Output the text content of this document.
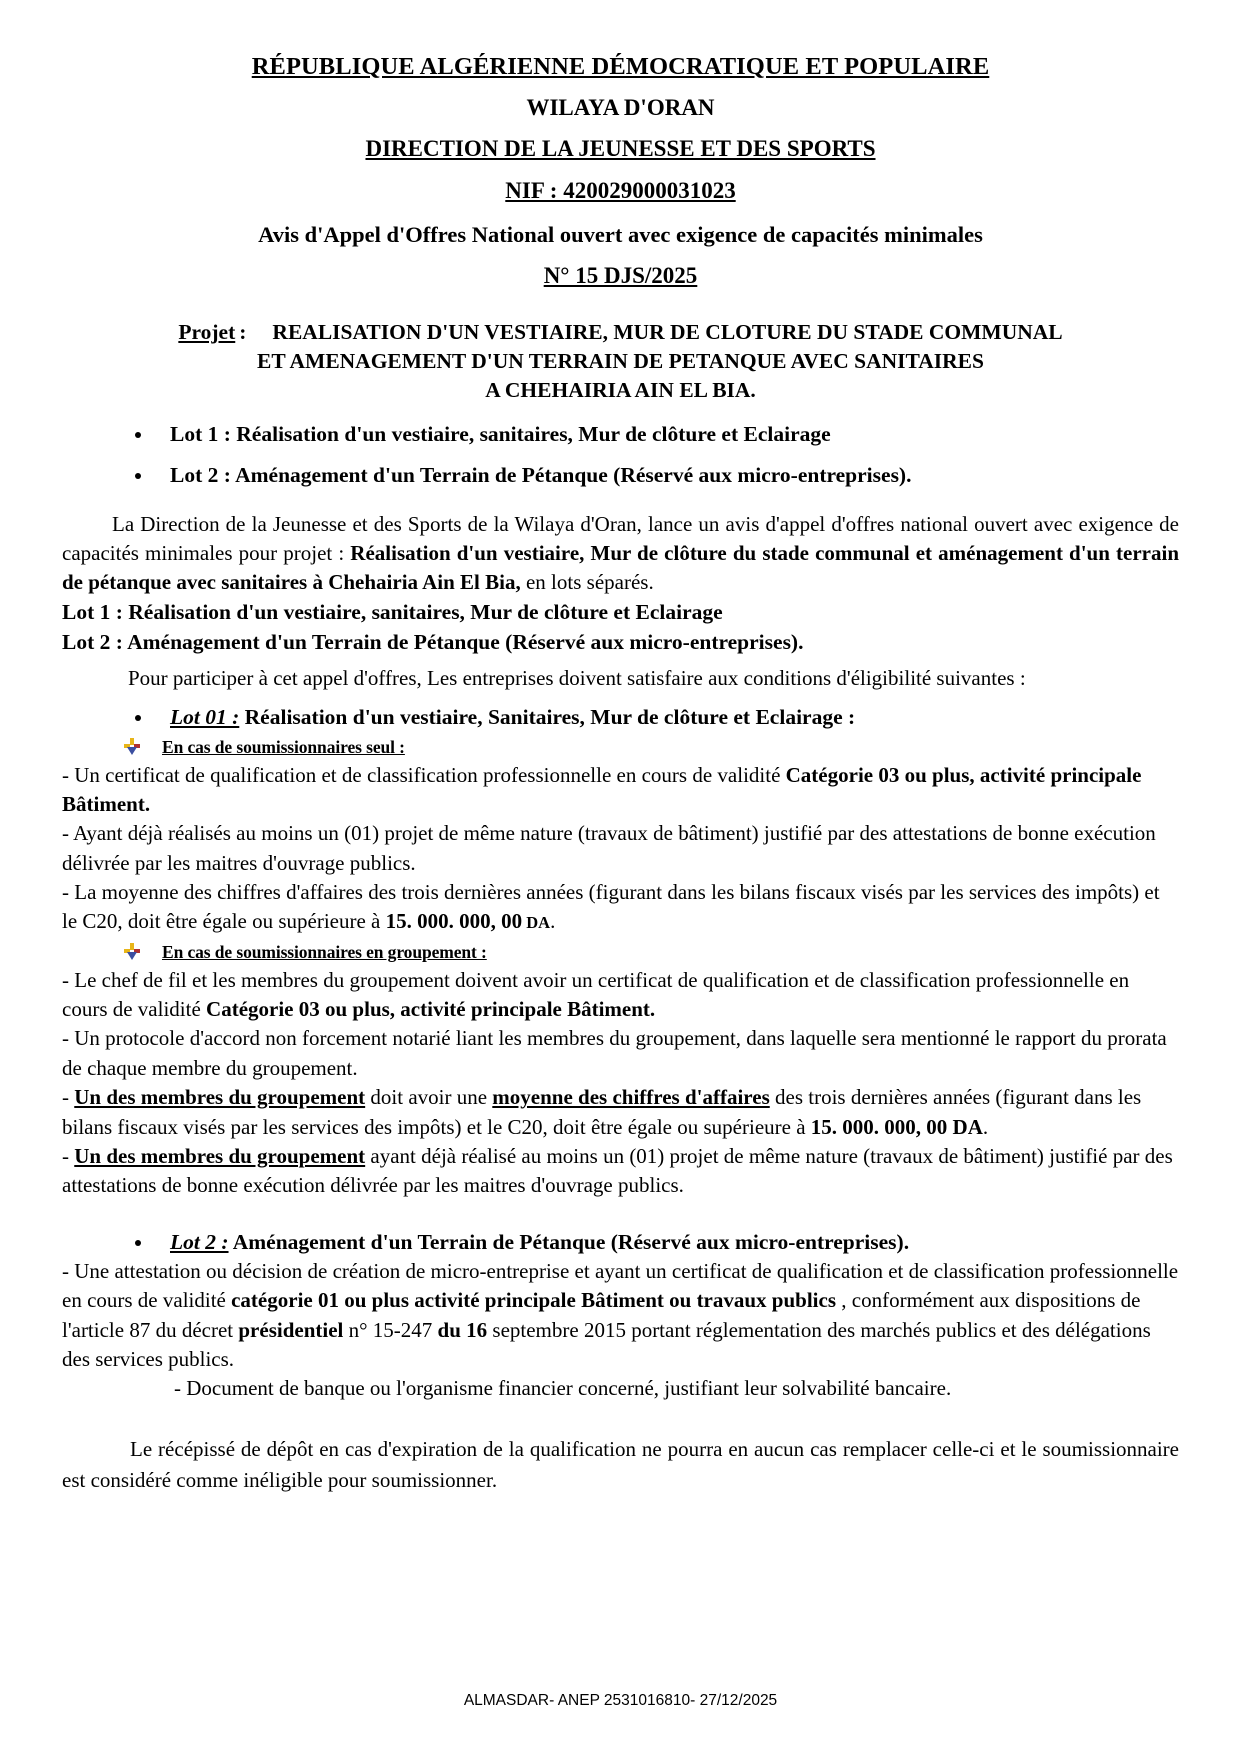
RÉPUBLIQUE ALGÉRIENNE DÉMOCRATIQUE ET POPULAIRE
WILAYA D'ORAN
DIRECTION DE LA JEUNESSE ET DES SPORTS
NIF : 420029000031023
Avis d'Appel d'Offres National ouvert avec exigence de capacités minimales
N° 15 DJS/2025
Projet : REALISATION D'UN VESTIAIRE, MUR DE CLOTURE DU STADE COMMUNAL
ET AMENAGEMENT D'UN TERRAIN DE PETANQUE AVEC SANITAIRES
A CHEHAIRIA AIN EL BIA.
• Lot 1 : Réalisation d'un vestiaire, sanitaires, Mur de clôture et Eclairage
• Lot 2 : Aménagement d'un Terrain de Pétanque (Réservé aux micro-entreprises).

La Direction de la Jeunesse et des Sports de la Wilaya d'Oran, lance un avis d'appel d'offres national ouvert avec exigence de capacités minimales pour projet : Réalisation d'un vestiaire, Mur de clôture du stade communal et aménagement d'un terrain de pétanque avec sanitaires à Chehairia Ain El Bia, en lots séparés.

Lot 1 : Réalisation d'un vestiaire, sanitaires, Mur de clôture et Eclairage
Lot 2 : Aménagement d'un Terrain de Pétanque (Réservé aux micro-entreprises).

Pour participer à cet appel d'offres, Les entreprises doivent satisfaire aux conditions d'éligibilité suivantes :

• Lot 01 : Réalisation d'un vestiaire, Sanitaires, Mur de clôture et Eclairage :
En cas de soumissionnaires seul :

- Un certificat de qualification et de classification professionnelle en cours de validité Catégorie 03 ou plus, activité principale Bâtiment.

- Ayant déjà réalisés au moins un (01) projet de même nature (travaux de bâtiment) justifié par des attestations de bonne exécution délivrée par les maitres d'ouvrage publics.

- La moyenne des chiffres d'affaires des trois dernières années (figurant dans les bilans fiscaux visés par les services des impôts) et le C20, doit être égale ou supérieure à 15. 000. 000, 00 DA.

En cas de soumissionnaires en groupement :

- Le chef de fil et les membres du groupement doivent avoir un certificat de qualification et de classification professionnelle en cours de validité Catégorie 03 ou plus, activité principale Bâtiment.

- Un protocole d'accord non forcement notarié liant les membres du groupement, dans laquelle sera mentionné le rapport du prorata de chaque membre du groupement.

- Un des membres du groupement doit avoir une moyenne des chiffres d'affaires des trois dernières années (figurant dans les bilans fiscaux visés par les services des impôts) et le C20, doit être égale ou supérieure à 15. 000. 000, 00 DA.

- Un des membres du groupement ayant déjà réalisé au moins un (01) projet de même nature (travaux de bâtiment) justifié par des attestations de bonne exécution délivrée par les maitres d'ouvrage publics.

• Lot 2 : Aménagement d'un Terrain de Pétanque (Réservé aux micro-entreprises).

- Une attestation ou décision de création de micro-entreprise et ayant un certificat de qualification et de classification professionnelle en cours de validité catégorie 01 ou plus activité principale Bâtiment ou travaux publics , conformément aux dispositions de l'article 87 du décret présidentiel n° 15-247 du 16 septembre 2015 portant réglementation des marchés publics et des délégations des services publics.

- Document de banque ou l'organisme financier concerné, justifiant leur solvabilité bancaire.

Le récépissé de dépôt en cas d'expiration de la qualification ne pourra en aucun cas remplacer celle-ci et le soumissionnaire est considéré comme inéligible pour soumissionner.

ALMASDAR- ANEP 2531016810- 27/12/2025
